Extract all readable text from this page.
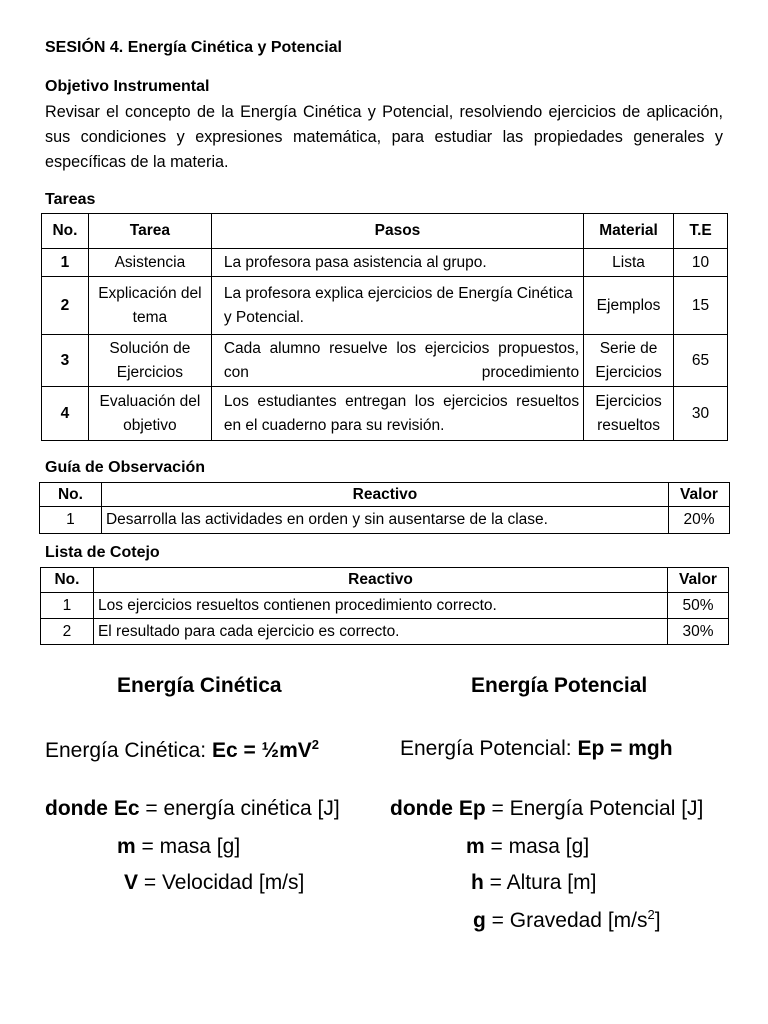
SESIÓN 4. Energía Cinética y Potencial
Objetivo Instrumental
Revisar el concepto de la Energía Cinética y Potencial, resolviendo ejercicios de aplicación, sus condiciones y expresiones matemática, para estudiar las propiedades generales y específicas de la materia.
Tareas
No.	Tarea	Pasos	Material	T.E
1	Asistencia	La profesora pasa asistencia al grupo.	Lista	10
2	Explicación del tema	La profesora explica ejercicios de Energía Cinética y Potencial.	Ejemplos	15
3	Solución de Ejercicios	Cada alumno resuelve los ejercicios propuestos, con procedimiento	Serie de Ejercicios	65
4	Evaluación del objetivo	Los estudiantes entregan los ejercicios resueltos en el cuaderno para su revisión.	Ejercicios resueltos	30
Guía de Observación
No.	Reactivo	Valor
1	Desarrolla las actividades en orden y sin ausentarse de la clase.	20%
Lista de Cotejo
No.	Reactivo	Valor
1	Los ejercicios resueltos contienen procedimiento correcto.	50%
2	El resultado para cada ejercicio es correcto.	30%
Energía Cinética
Energía Cinética: $Ec = \frac{1}{2}mV^2$
donde Ec = energía cinética [J]
m = masa [g]
V = Velocidad [m/s]
Energía Potencial
Energía Potencial: Ep = mgh
donde Ep = Energía Potencial [J]
m = masa [g]
h = Altura [m]
g = Gravedad $[m/s^2]$
